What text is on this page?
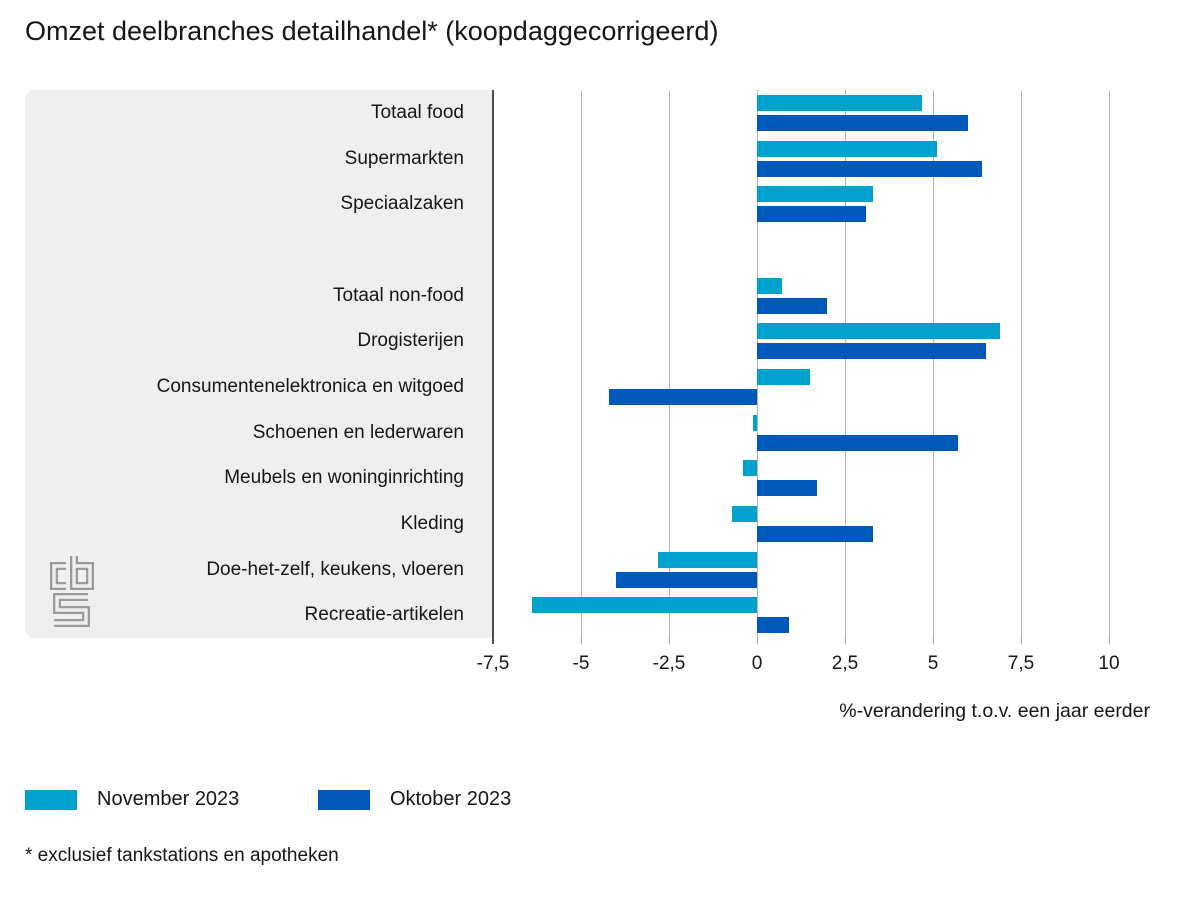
Omzet deelbranches detailhandel* (koopdaggecorrigeerd)
-7,5	-5	-2,5	0	2,5	5	7,5	10
%-verandering t.o.v. een jaar eerder
November 2023	Oktober 2023
* exclusief tankstations en apotheken
Totaal food
Supermarkten
Speciaalzaken
Totaal non-food
Drogisterijen
Consumentenelektronica en witgoed
Schoenen en lederwaren
Meubels en woninginrichting
Kleding
Doe-het-zelf, keukens, vloeren
Recreatie-artikelen
